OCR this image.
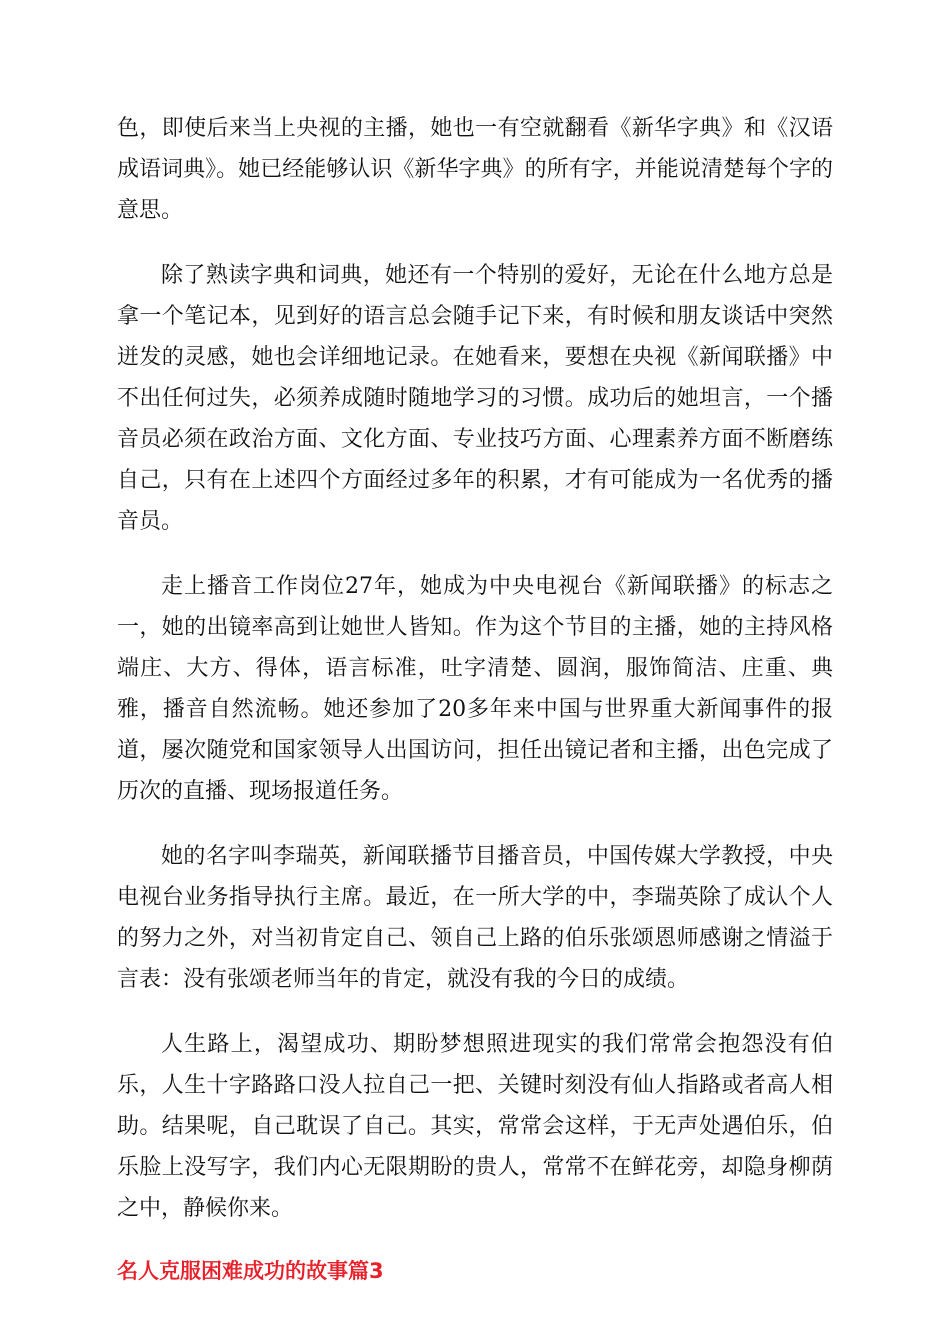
色，即使后来当上央视的主播，她也一有空就翻看《新华字典》和《汉语成语词典》。她已经能够认识《新华字典》的所有字，并能说清楚每个字的意思。

除了熟读字典和词典，她还有一个特别的爱好，无论在什么地方总是拿一个笔记本，见到好的语言总会随手记下来，有时候和朋友谈话中突然迸发的灵感，她也会详细地记录。在她看来，要想在央视《新闻联播》中不出任何过失，必须养成随时随地学习的习惯。成功后的她坦言，一个播音员必须在政治方面、文化方面、专业技巧方面、心理素养方面不断磨练自己，只有在上述四个方面经过多年的积累，才有可能成为一名优秀的播音员。

走上播音工作岗位27年，她成为中央电视台《新闻联播》的标志之一，她的出镜率高到让她世人皆知。作为这个节目的主播，她的主持风格端庄、大方、得体，语言标准，吐字清楚、圆润，服饰简洁、庄重、典雅，播音自然流畅。她还参加了20多年来中国与世界重大新闻事件的报道，屡次随党和国家领导人出国访问，担任出镜记者和主播，出色完成了历次的直播、现场报道任务。

她的名字叫李瑞英，新闻联播节目播音员，中国传媒大学教授，中央电视台业务指导执行主席。最近，在一所大学的中，李瑞英除了成认个人的努力之外，对当初肯定自己、领自己上路的伯乐张颂恩师感谢之情溢于言表：没有张颂老师当年的肯定，就没有我的今日的成绩。

人生路上，渴望成功、期盼梦想照进现实的我们常常会抱怨没有伯乐，人生十字路路口没人拉自己一把、关键时刻没有仙人指路或者高人相助。结果呢，自己耽误了自己。其实，常常会这样，于无声处遇伯乐，伯乐脸上没写字，我们内心无限期盼的贵人，常常不在鲜花旁，却隐身柳荫之中，静候你来。

名人克服困难成功的故事篇3
